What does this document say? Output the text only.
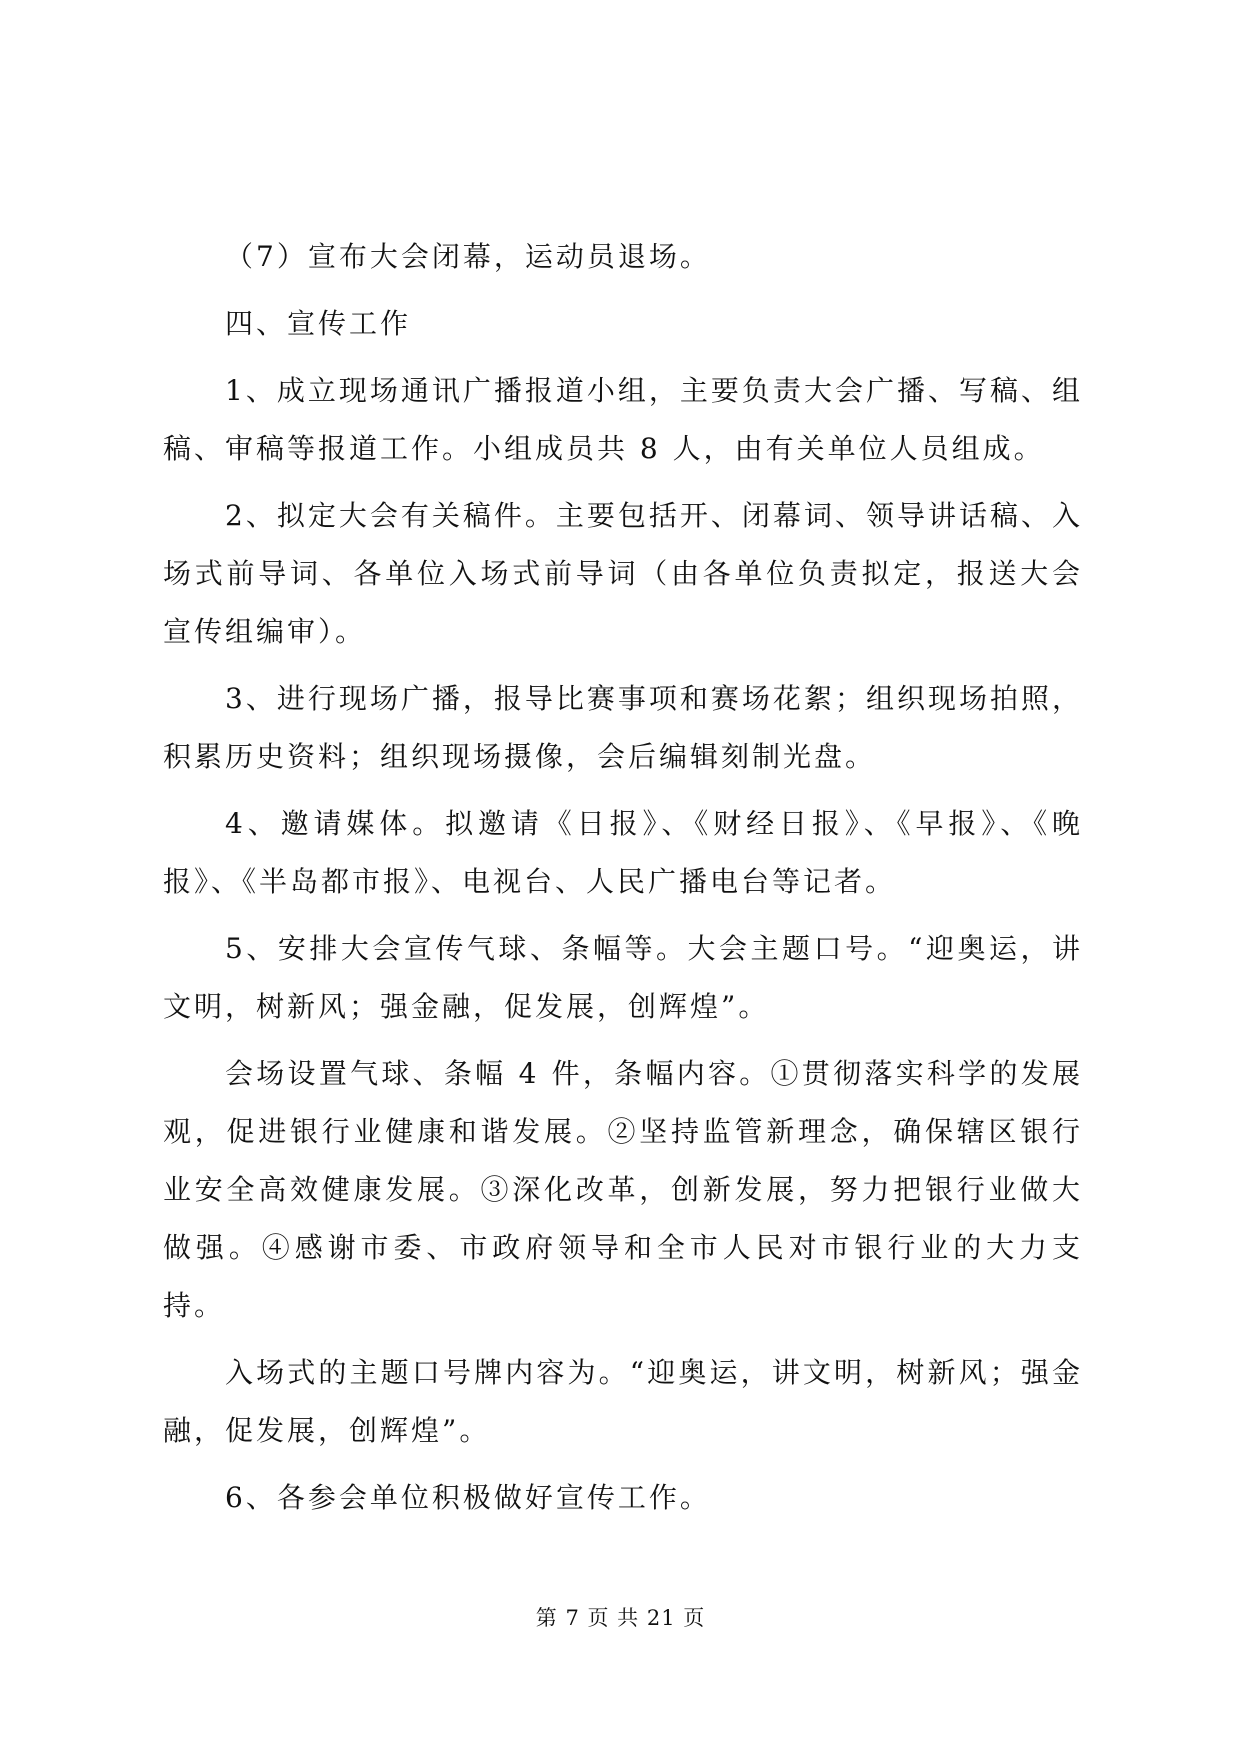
（7）宣布大会闭幕，运动员退场。

四、宣传工作

1、成立现场通讯广播报道小组，主要负责大会广播、写稿、组稿、审稿等报道工作。小组成员共 8 人，由有关单位人员组成。

2、拟定大会有关稿件。主要包括开、闭幕词、领导讲话稿、入场式前导词、各单位入场式前导词（由各单位负责拟定，报送大会宣传组编审）。

3、进行现场广播，报导比赛事项和赛场花絮；组织现场拍照，积累历史资料；组织现场摄像，会后编辑刻制光盘。

4、邀请媒体。拟邀请《日报》、《财经日报》、《早报》、《晚报》、《半岛都市报》、电视台、人民广播电台等记者。

5、安排大会宣传气球、条幅等。大会主题口号。“迎奥运，讲文明，树新风；强金融，促发展，创辉煌”。

会场设置气球、条幅 4 件，条幅内容。①贯彻落实科学的发展观，促进银行业健康和谐发展。②坚持监管新理念，确保辖区银行业安全高效健康发展。③深化改革，创新发展，努力把银行业做大做强。④感谢市委、市政府领导和全市人民对市银行业的大力支持。

入场式的主题口号牌内容为。“迎奥运，讲文明，树新风；强金融，促发展，创辉煌”。

6、各参会单位积极做好宣传工作。

第 7 页 共 21 页
